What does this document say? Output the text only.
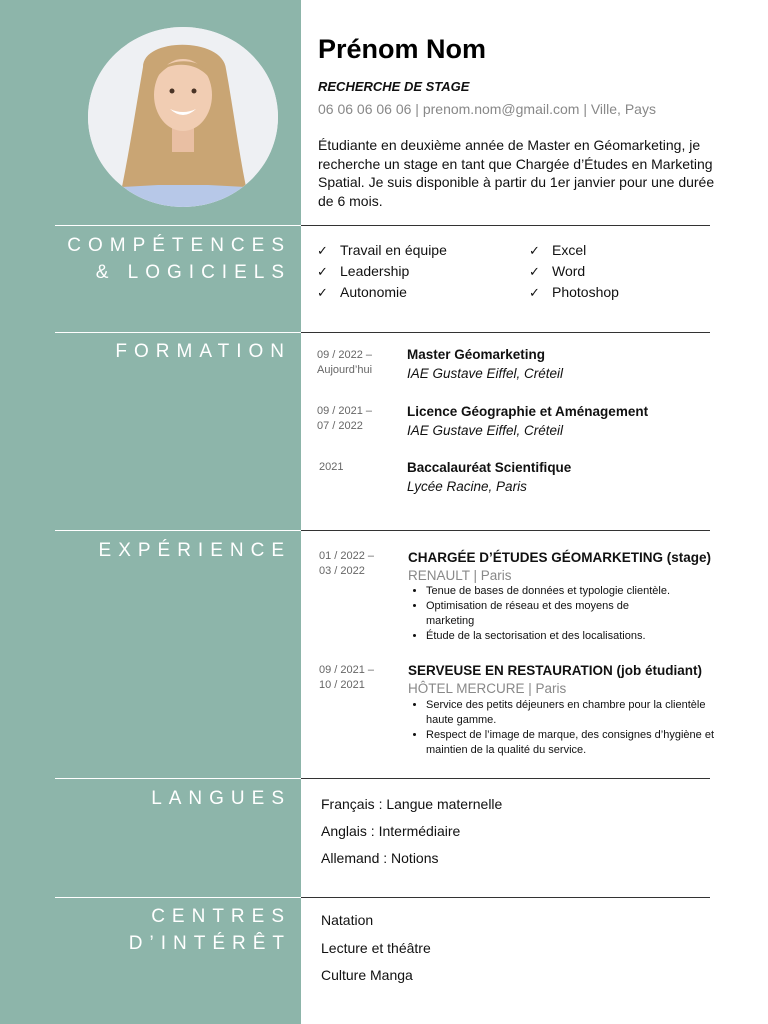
Prénom Nom
RECHERCHE DE STAGE
06 06 06 06 06 | prenom.nom@gmail.com | Ville, Pays
Étudiante en deuxième année de Master en Géomarketing, je recherche un stage en tant que Chargée d’Études en Marketing Spatial. Je suis disponible à partir du 1er janvier pour une durée de 6 mois.
COMPÉTENCES
& LOGICIELS
FORMATION
EXPÉRIENCE
LANGUES
CENTRES
D’INTÉRÊT
✓ Travail en équipe
✓ Leadership
✓ Autonomie
✓ Excel
✓ Word
✓ Photoshop
09 / 2022 –
Aujourd’hui
Master Géomarketing
IAE Gustave Eiffel, Créteil
09 / 2021 –
07 / 2022
Licence Géographie et Aménagement
IAE Gustave Eiffel, Créteil
2021	Baccalauréat Scientifique
Lycée Racine, Paris
01 / 2022 –
03 / 2022
CHARGÉE D’ÉTUDES GÉOMARKETING (stage)
RENAULT | Paris
• Tenue de bases de données et typologie clientèle.
• Optimisation de réseau et des moyens de marketing
• Étude de la sectorisation et des localisations.
09 / 2021 –
10 / 2021
SERVEUSE EN RESTAURATION (job étudiant)
HÔTEL MERCURE | Paris
• Service des petits déjeuners en chambre pour la clientèle haute gamme.
• Respect de l’image de marque, des consignes d’hygiène et maintien de la qualité du service.
Français : Langue maternelle
Anglais : Intermédiaire
Allemand : Notions
Natation
Lecture et théâtre
Culture Manga
